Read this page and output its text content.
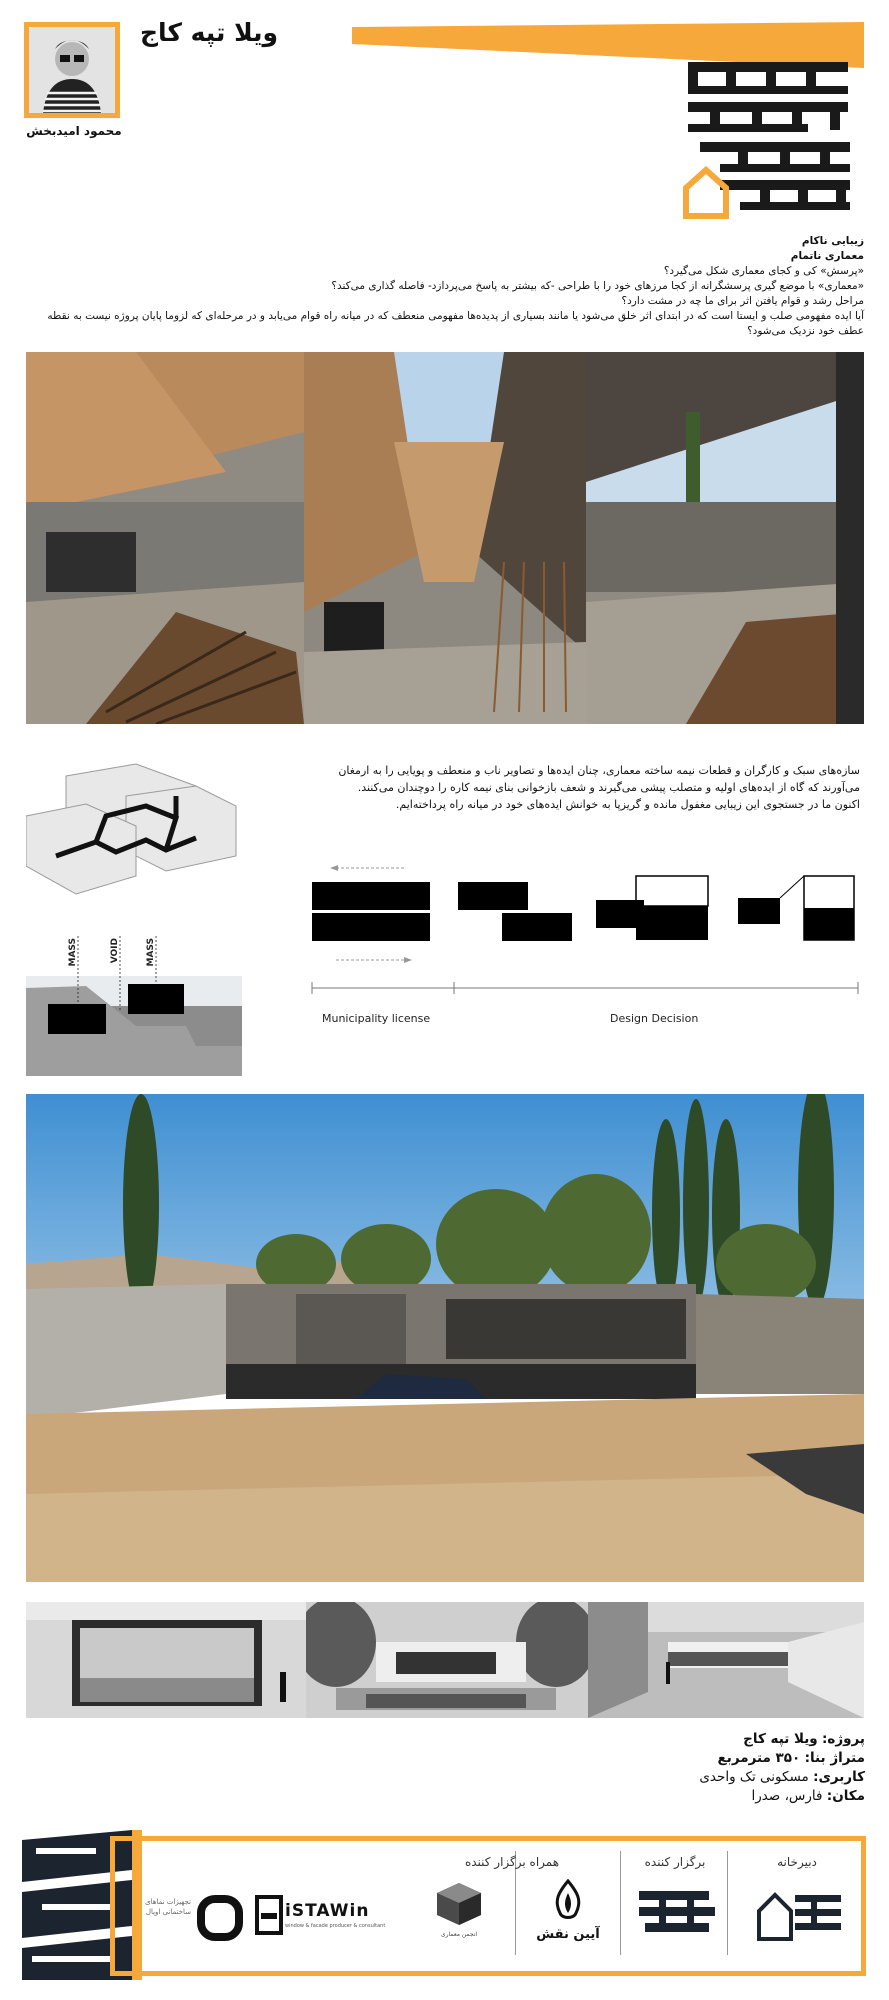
محمود امیدبخش
ویلا تپه کاج

زیبایی ناکام

معماری ناتمام

«پرسش» کی و کجای معماری شکل می‌گیرد؟

«معماری» با موضع گیری پرسشگرانه از کجا مرزهای خود را با طراحی -که بیشتر به پاسخ می‌پردازد- فاصله گذاری می‌کند؟

مراحل رشد و قوام یافتن اثر برای ما چه در مشت دارد؟

آیا ایده مفهومی صلب و ایستا است که در ابتدای اثر خلق می‌شود یا مانند بسیاری از پدیده‌ها مفهومی منعطف که در میانه راه قوام می‌یابد و در مرحله‌ای که لزوما پایان پروژه نیست به نقطه عطف خود نزدیک می‌شود؟

MASS	VOID	MASS

سازه‌های سبک و کارگران و قطعات نیمه ساخته معماری، چنان ایده‌ها و تصاویر ناب و منعطف و پویایی را به ارمغان می‌آورند که گاه از ایده‌های اولیه و متصلب پیشی می‌گیرند و شعف بازخوانی بنای نیمه کاره را دوچندان می‌کنند.

اکنون ما در جستجوی این زیبایی مغفول مانده و گریزپا به خوانش ایده‌های خود در میانه راه پرداخته‌ایم.

Municipality license	Design Decision
پروژه: ویلا تپه کاج
متراژ بنا: ۳۵۰ مترمربع
کاربری: مسکونی تک واحدی
مکان: فارس، صدرا
دبیرخانه
برگزار کننده
همراه برگزار کننده
آیین نقش
انجمن معماری
iSTAWin
window & facade producer & consultant
تجهیزات نماهای ساختمانی اوپال
